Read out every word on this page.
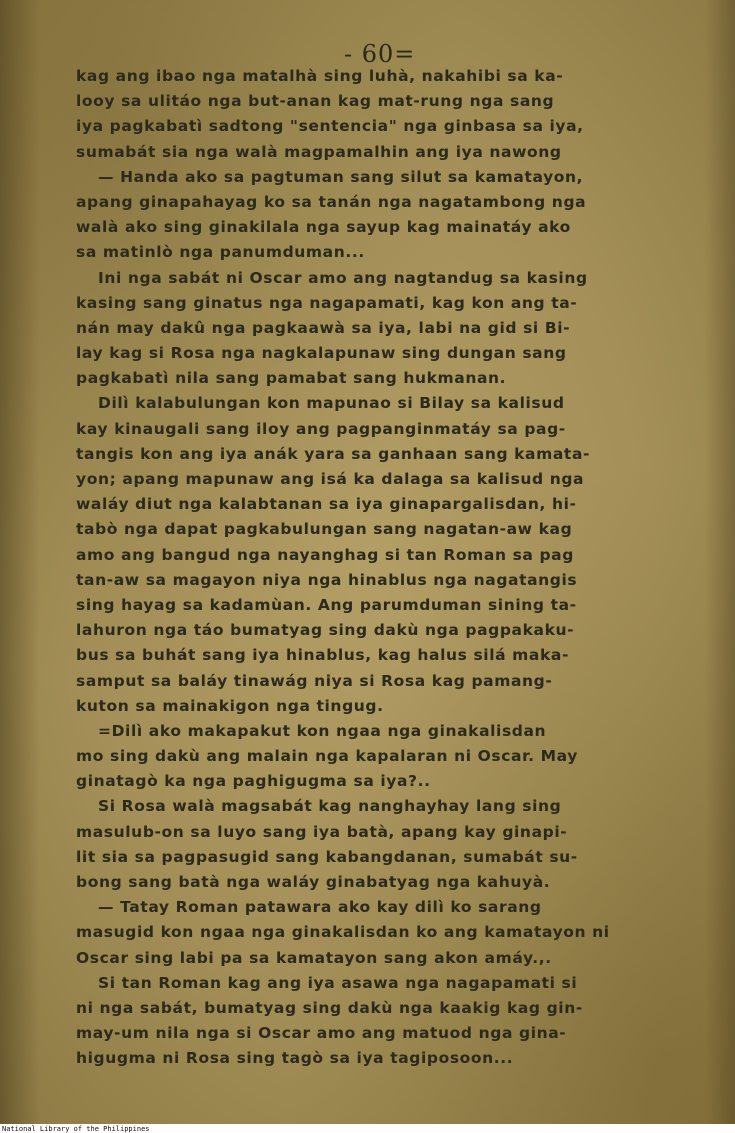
- 60=
kag ang ibao nga matalhà sing luhà, nakahibi sa ka-
looy sa ulitáo nga but-anan kag mat-rung nga sang
iya pagkabatì sadtong "sentencia" nga ginbasa sa iya,
sumabát sia nga walà magpamalhin ang iya nawong
— Handa ako sa pagtuman sang silut sa kamatayon,
apang ginapahayag ko sa tanán nga nagatambong nga
walà ako sing ginakilala nga sayup kag mainatáy ako
sa matinlò nga panumduman...
Ini nga sabát ni Oscar amo ang nagtandug sa kasing
kasing sang ginatus nga nagapamati, kag kon ang ta-
nán may dakû nga pagkaawà sa iya, labi na gid si Bi-
lay kag si Rosa nga nagkalapunaw sing dungan sang
pagkabatì nila sang pamabat sang hukmanan.
Dilì kalabulungan kon mapunao si Bilay sa kalisud
kay kinaugali sang iloy ang pagpanginmatáy sa pag-
tangis kon ang iya anák yara sa ganhaan sang kamata-
yon; apang mapunaw ang isá ka dalaga sa kalisud nga
waláy diut nga kalabtanan sa iya ginapargalisdan, hi-
tabò nga dapat pagkabulungan sang nagatan-aw kag
amo ang bangud nga nayanghag si tan Roman sa pag
tan-aw sa magayon niya nga hinablus nga nagatangis
sing hayag sa kadamùan. Ang parumduman sining ta-
lahuron nga táo bumatyag sing dakù nga pagpakaku-
bus sa buhát sang iya hinablus, kag halus silá maka-
samput sa baláy tinawág niya si Rosa kag pamang-
kuton sa mainakigon nga tingug.
=Dilì ako makapakut kon ngaa nga ginakalisdan
mo sing dakù ang malain nga kapalaran ni Oscar. May
ginatagò ka nga paghigugma sa iya?..
Si Rosa walà magsabát kag nanghayhay lang sing
masulub-on sa luyo sang iya batà, apang kay ginapi-
lit sia sa pagpasugid sang kabangdanan, sumabát su-
bong sang batà nga waláy ginabatyag nga kahuyà.
— Tatay Roman patawara ako kay dilì ko sarang
masugid kon ngaa nga ginakalisdan ko ang kamatayon ni
Oscar sing labi pa sa kamatayon sang akon amáy.,.
Si tan Roman kag ang iya asawa nga nagapamati si
ni nga sabát, bumatyag sing dakù nga kaakig kag gin-
may-um nila nga si Oscar amo ang matuod nga gina-
higugma ni Rosa sing tagò sa iya tagiposoon...
National Library of the Philippines
